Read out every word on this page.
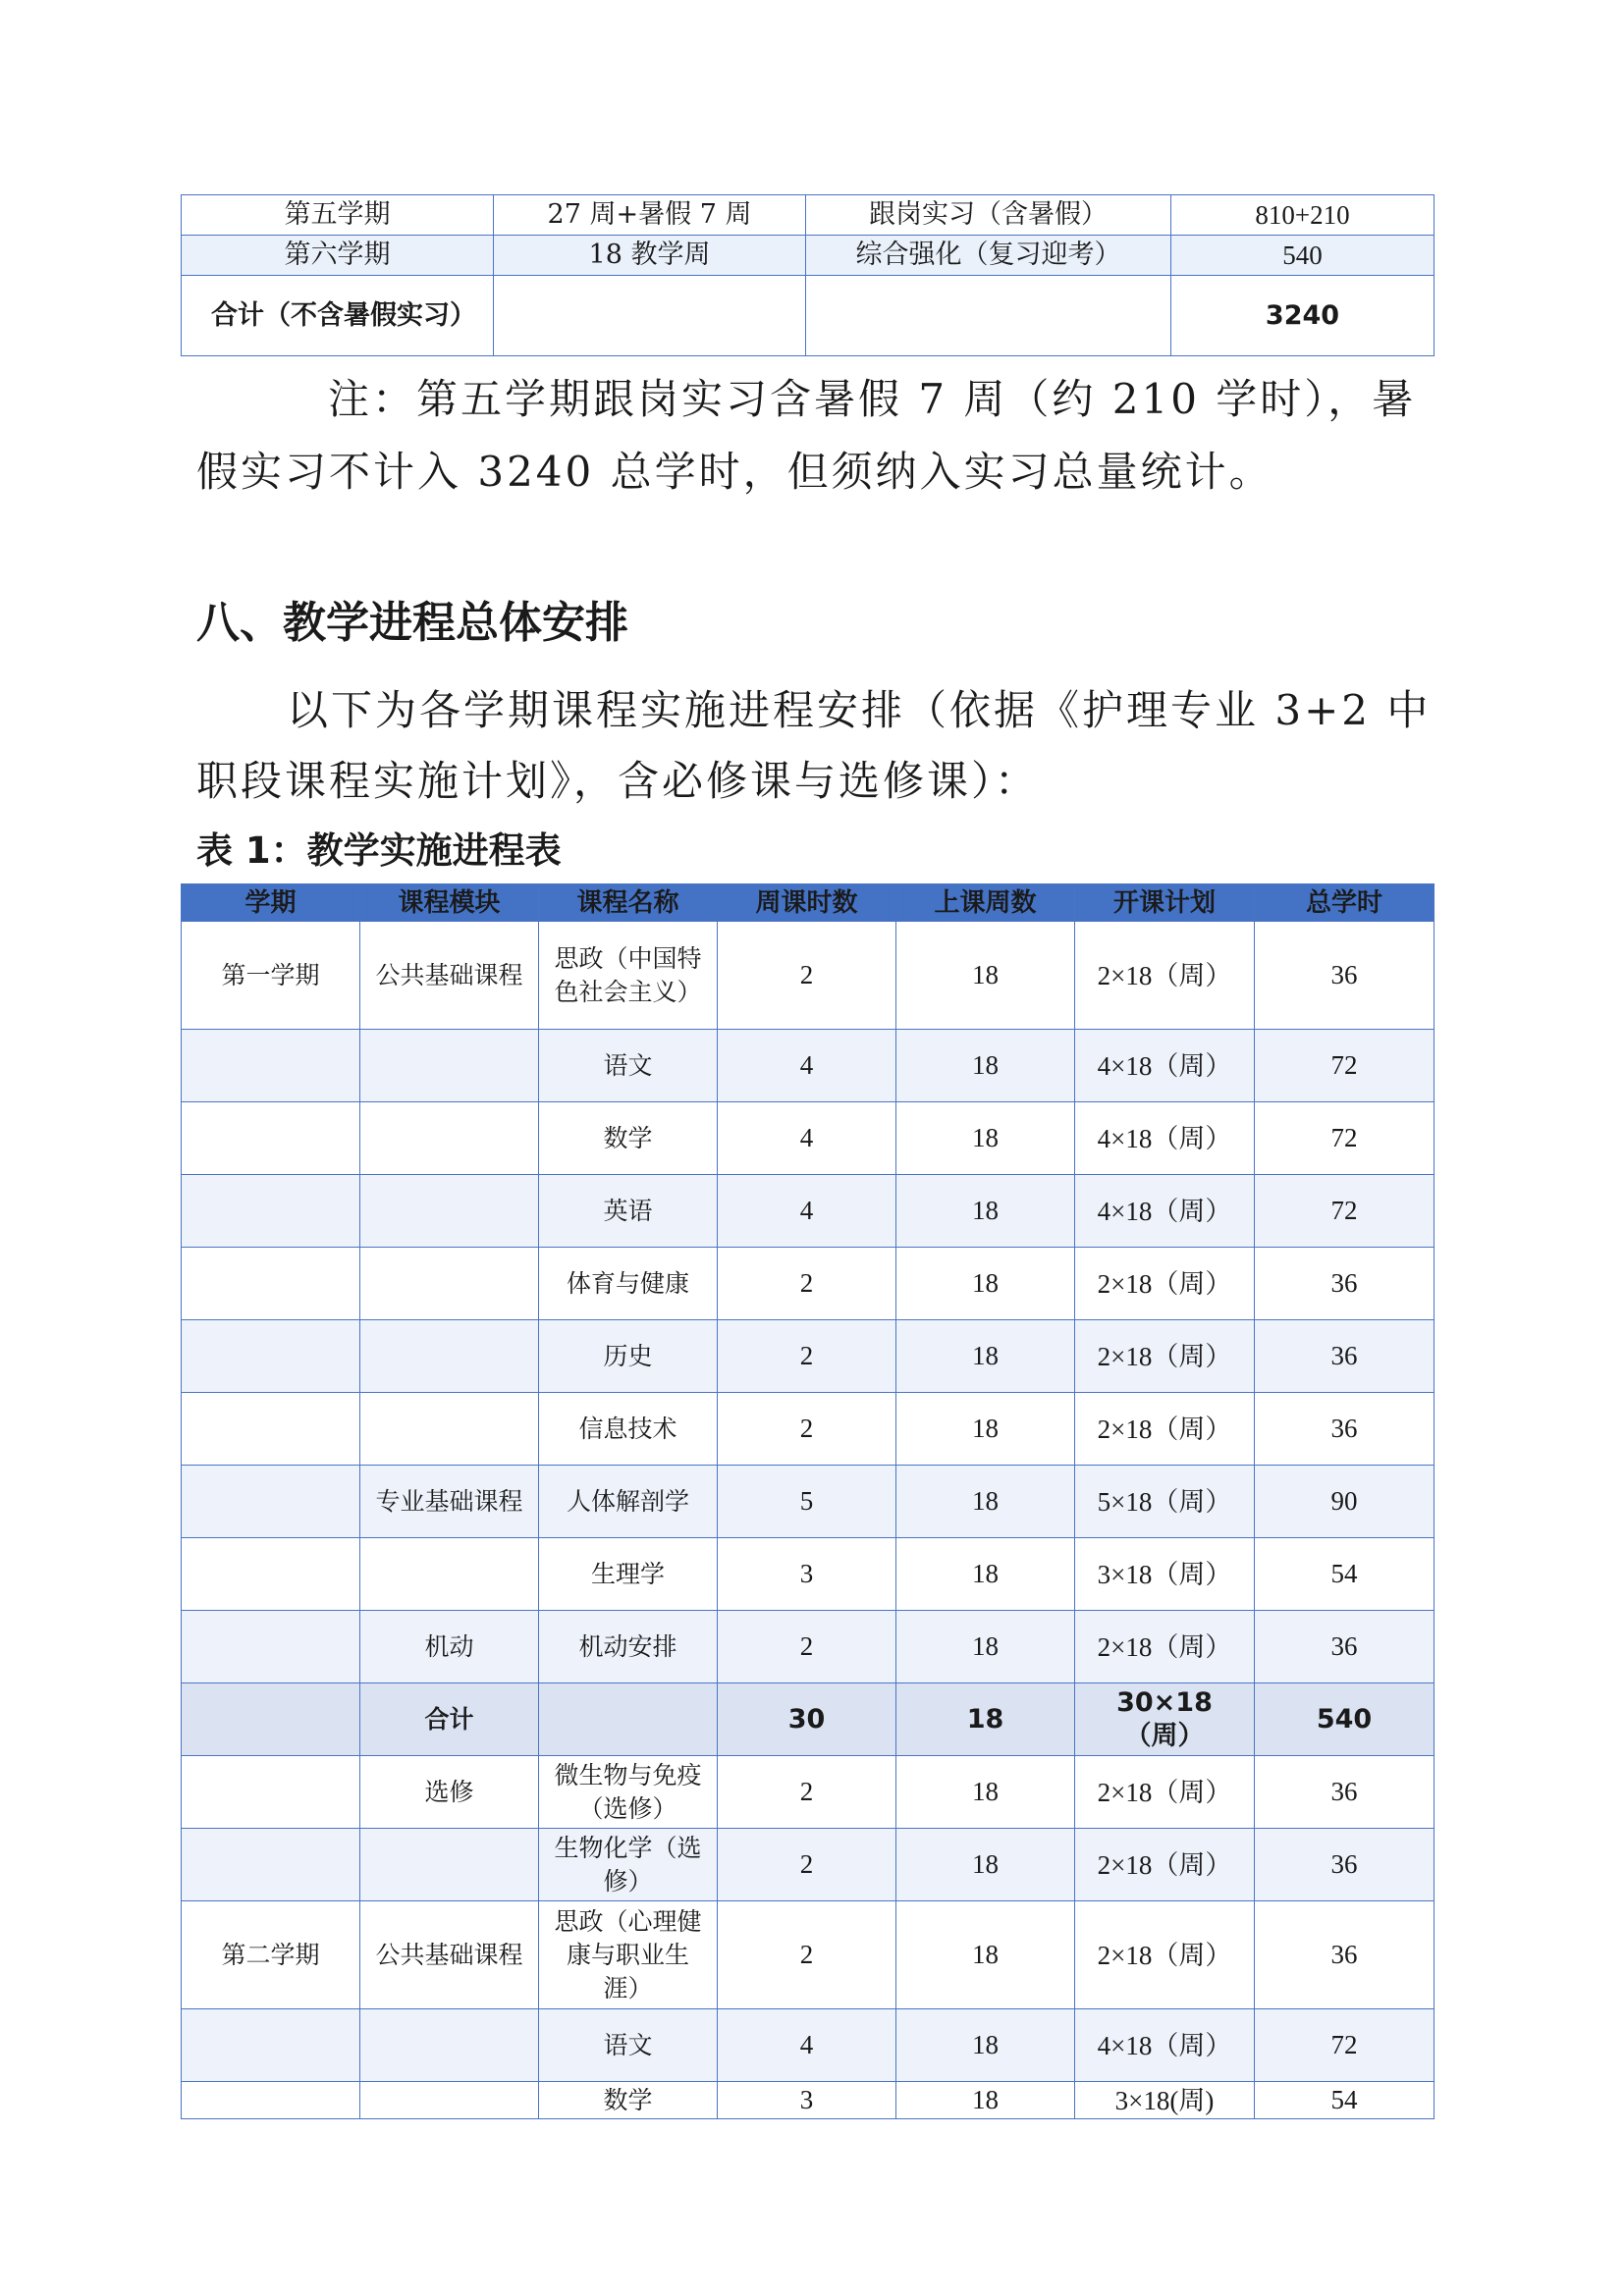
第五学期	27 周+暑假 7 周	跟岗实习（含暑假）	810+210
第六学期	18 教学周	综合强化（复习迎考）	540
合计（不含暑假实习）			3240

注：第五学期跟岗实习含暑假 7 周（约 210 学时），暑假实习不计入 3240 总学时，但须纳入实习总量统计。

八、教学进程总体安排

以下为各学期课程实施进程安排（依据《护理专业 3+2 中职段课程实施计划》，含必修课与选修课）：

表 1：教学实施进程表
学期	课程模块	课程名称	周课时数	上课周数	开课计划	总学时
第一学期	公共基础课程	思政（中国特色社会主义）	2	18	2×18（周）	36
		语文	4	18	4×18（周）	72
		数学	4	18	4×18（周）	72
		英语	4	18	4×18（周）	72
		体育与健康	2	18	2×18（周）	36
		历史	2	18	2×18（周）	36
		信息技术	2	18	2×18（周）	36
	专业基础课程	人体解剖学	5	18	5×18（周）	90
		生理学	3	18	3×18（周）	54
	机动	机动安排	2	18	2×18（周）	36
	合计		30	18	30×18（周）	540
	选修	微生物与免疫（选修）	2	18	2×18（周）	36
		生物化学（选修）	2	18	2×18（周）	36
第二学期	公共基础课程	思政（心理健康与职业生涯）	2	18	2×18（周）	36
		语文	4	18	4×18（周）	72
		数学	3	18	3×18(周)	54
